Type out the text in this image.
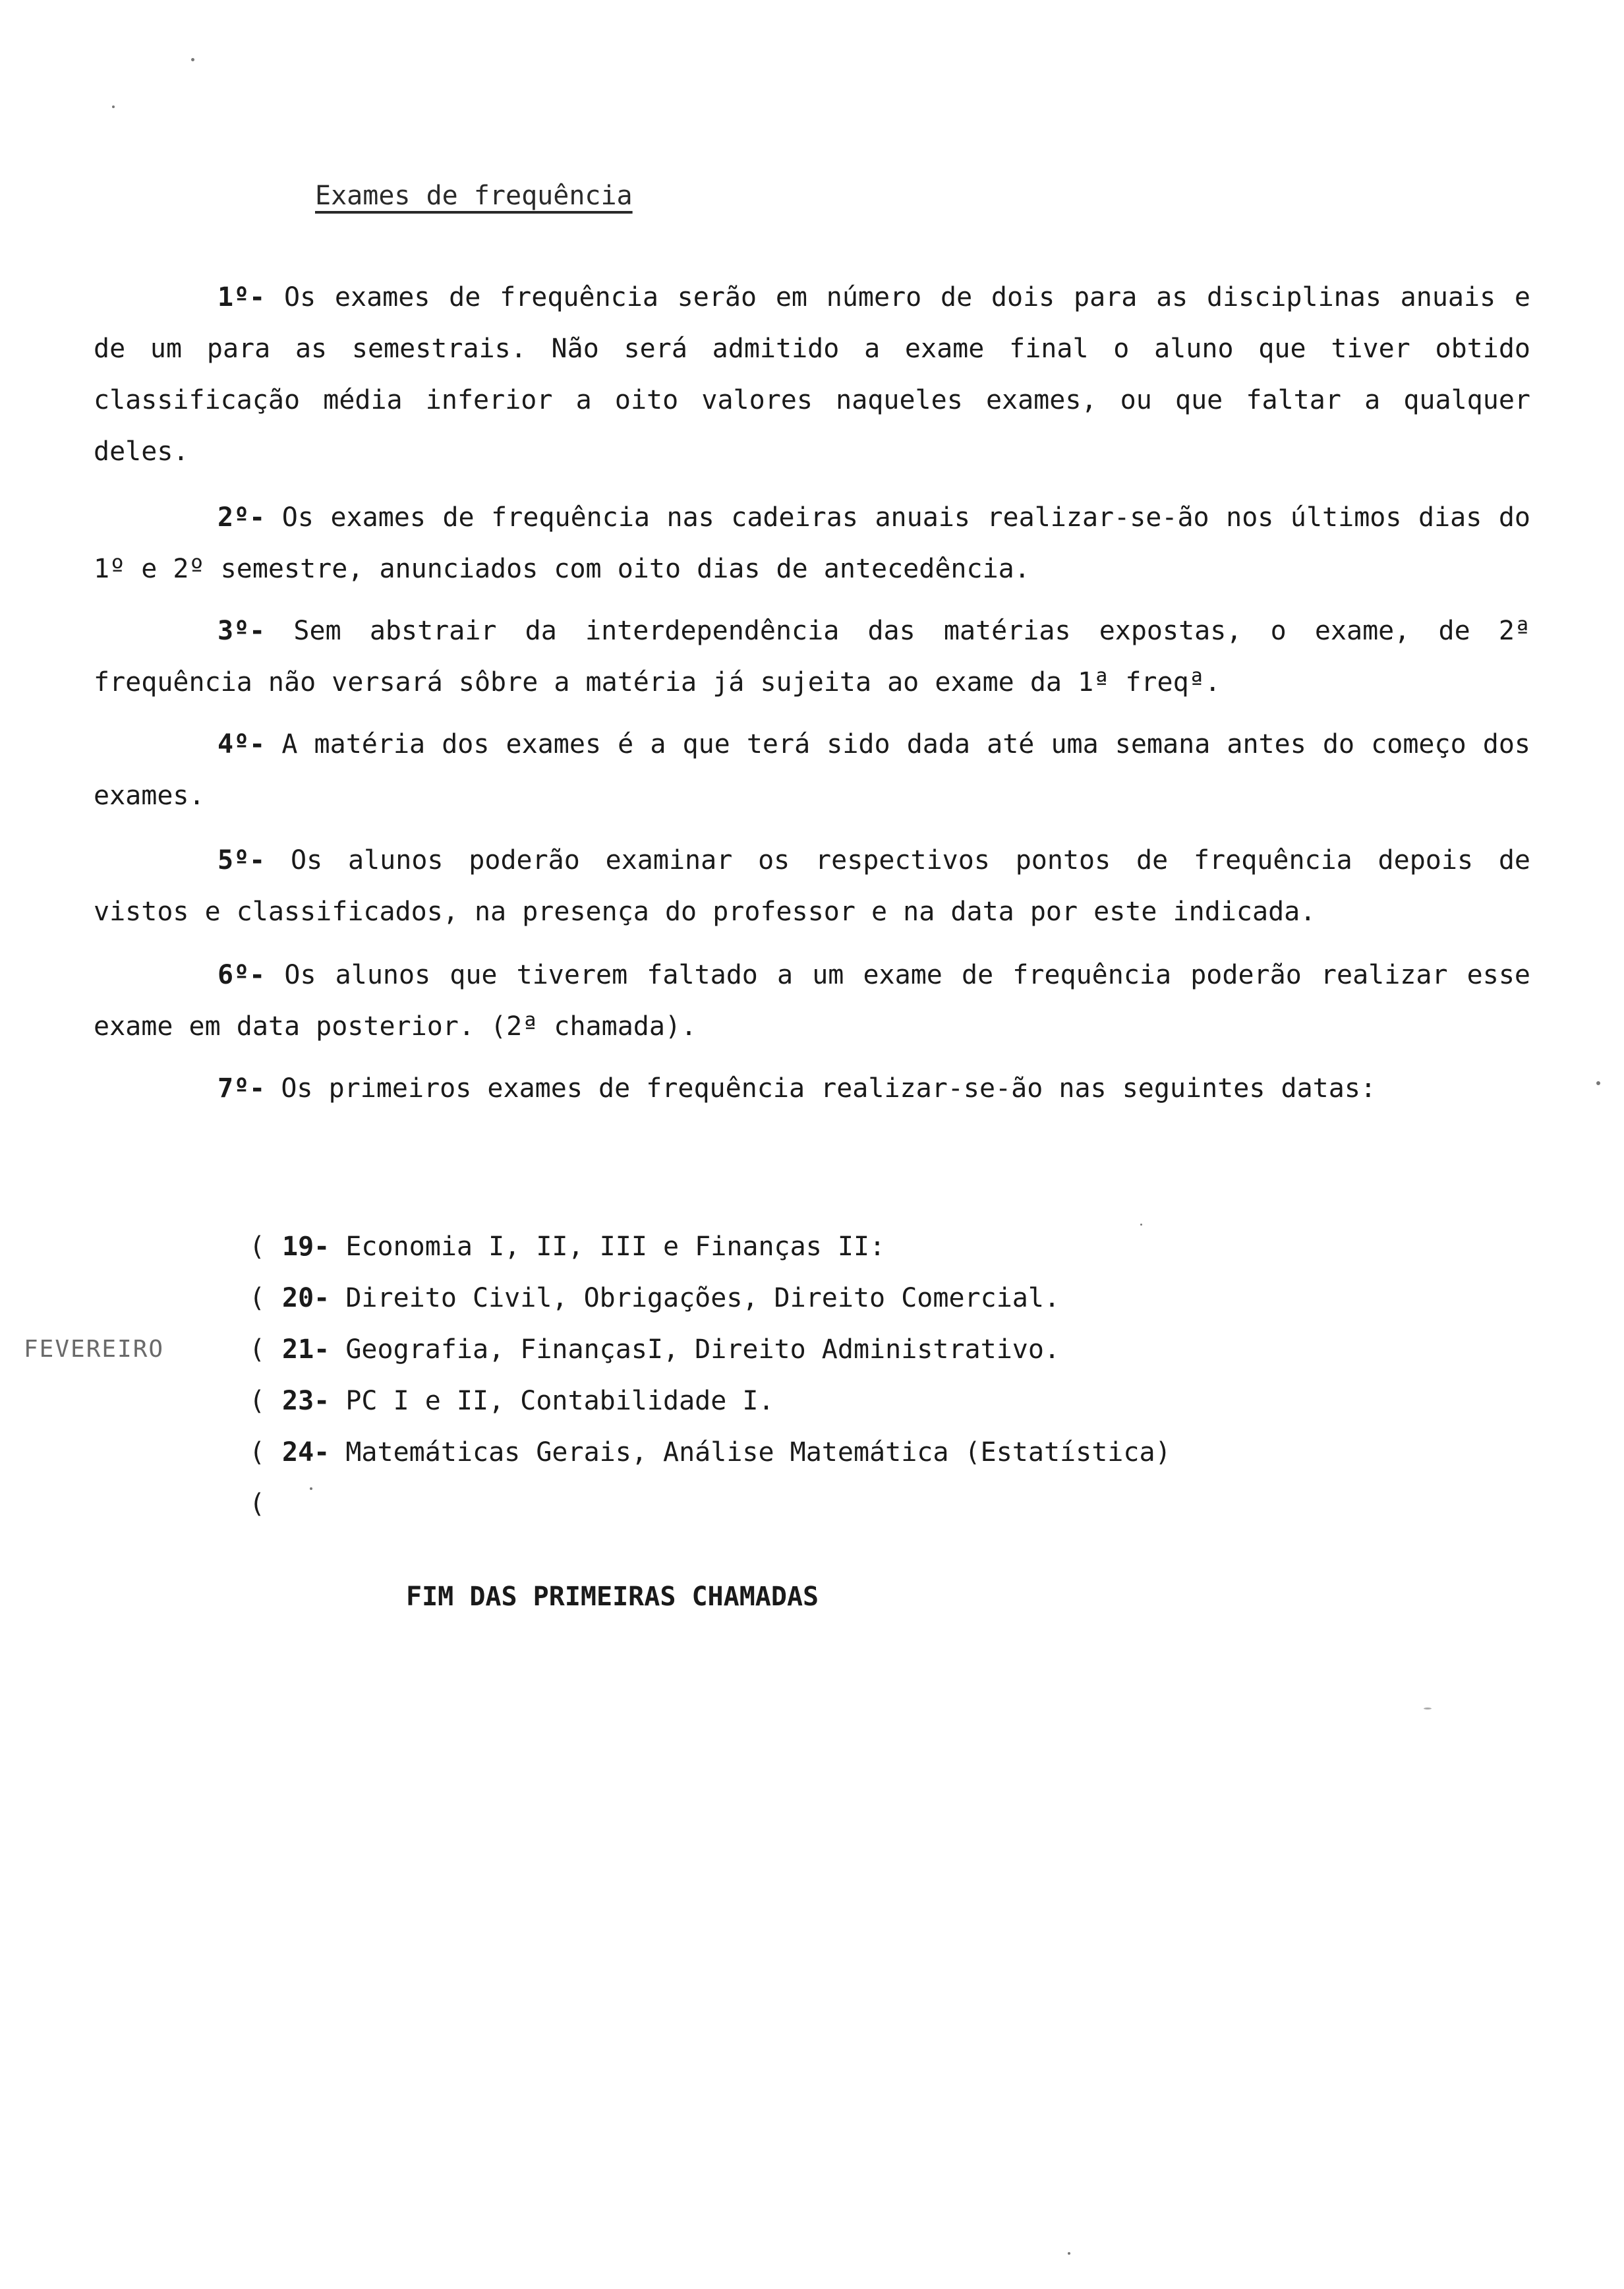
Exames de frequência
1º- Os exames de frequência serão em número de dois para as disciplinas anuais e de um para as semestrais. Não será admitido a exame final o aluno que tiver obtido classificação média inferior a oito valores naqueles exames, ou que faltar a qualquer deles.
2º- Os exames de frequência nas cadeiras anuais realizar-se-ão nos últimos dias do 1º e 2º semestre, anunciados com oito dias de antecedência.
3º- Sem abstrair da interdependência das matérias expostas, o exame, de 2ª frequência não versará sôbre a matéria já sujeita ao exame da 1ª freqª.
4º- A matéria dos exames é a que terá sido dada até uma semana antes do começo dos exames.
5º- Os alunos poderão examinar os respectivos pontos de frequência depois de vistos e classificados, na presença do professor e na data por este indicada.
6º- Os alunos que tiverem faltado a um exame de frequência poderão realizar esse exame em data posterior. (2ª chamada).
7º- Os primeiros exames de frequência realizar-se-ão nas seguintes datas:
FEVEREIRO
( 19- Economia I, II, III e Finanças II:
( 20- Direito Civil, Obrigações, Direito Comercial.
( 21- Geografia, FinançasI, Direito Administrativo.
( 23- PC I e II, Contabilidade I.
( 24- Matemáticas Gerais, Análise Matemática (Estatística)
(
FIM DAS PRIMEIRAS CHAMADAS
